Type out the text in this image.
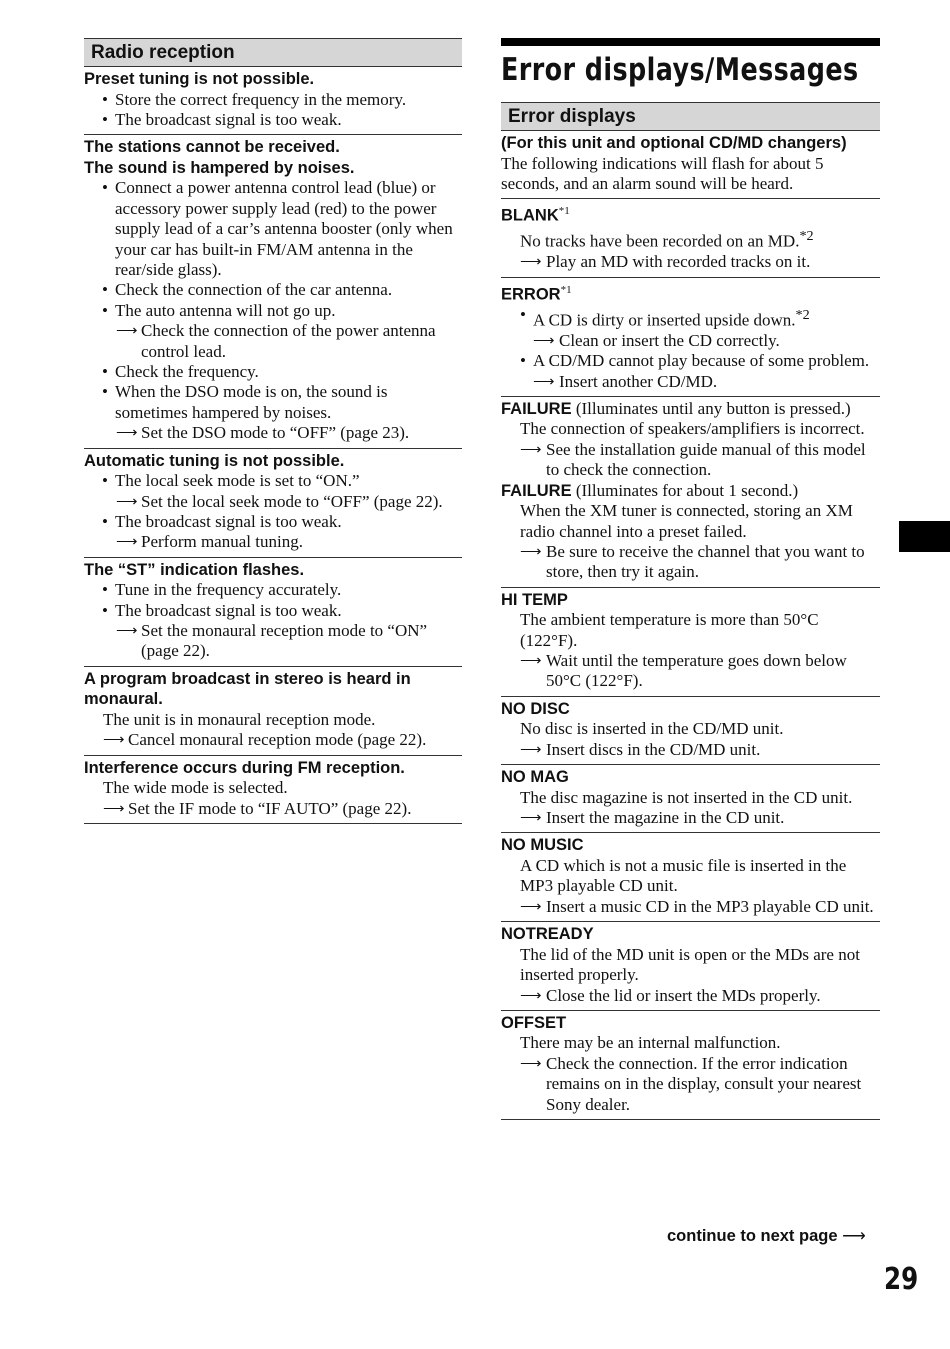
Radio reception
Preset tuning is not possible.
• Store the correct frequency in the memory.
• The broadcast signal is too weak.
The stations cannot be received.
The sound is hampered by noises.
• Connect a power antenna control lead (blue) or accessory power supply lead (red) to the power supply lead of a car’s antenna booster (only when your car has built-in FM/AM antenna in the rear/side glass).
• Check the connection of the car antenna.
• The auto antenna will not go up.
⟶ Check the connection of the power antenna control lead.
• Check the frequency.
• When the DSO mode is on, the sound is sometimes hampered by noises.
⟶ Set the DSO mode to “OFF” (page 23).
Automatic tuning is not possible.
• The local seek mode is set to “ON.”
⟶ Set the local seek mode to “OFF” (page 22).
• The broadcast signal is too weak.
⟶ Perform manual tuning.
The “ST” indication flashes.
• Tune in the frequency accurately.
• The broadcast signal is too weak.
⟶ Set the monaural reception mode to “ON” (page 22).
A program broadcast in stereo is heard in monaural.
The unit is in monaural reception mode.
⟶ Cancel monaural reception mode (page 22).
Interference occurs during FM reception.
The wide mode is selected.
⟶ Set the IF mode to “IF AUTO” (page 22).
Error displays/Messages
Error displays
(For this unit and optional CD/MD changers)
The following indications will flash for about 5 seconds, and an alarm sound will be heard.
BLANK$^{*1}$
No tracks have been recorded on an MD.$^{*2}$
⟶ Play an MD with recorded tracks on it.
ERROR$^{*1}$
• A CD is dirty or inserted upside down.$^{*2}$
⟶ Clean or insert the CD correctly.
• A CD/MD cannot play because of some problem.
⟶ Insert another CD/MD.
FAILURE (Illuminates until any button is pressed.)
The connection of speakers/amplifiers is incorrect.
⟶ See the installation guide manual of this model to check the connection.
FAILURE (Illuminates for about 1 second.)
When the XM tuner is connected, storing an XM radio channel into a preset failed.
⟶ Be sure to receive the channel that you want to store, then try it again.
HI TEMP
The ambient temperature is more than 50°C (122°F).
⟶ Wait until the temperature goes down below 50°C (122°F).
NO DISC
No disc is inserted in the CD/MD unit.
⟶ Insert discs in the CD/MD unit.
NO MAG
The disc magazine is not inserted in the CD unit.
⟶ Insert the magazine in the CD unit.
NO MUSIC
A CD which is not a music file is inserted in the MP3 playable CD unit.
⟶ Insert a music CD in the MP3 playable CD unit.
NOTREADY
The lid of the MD unit is open or the MDs are not inserted properly.
⟶ Close the lid or insert the MDs properly.
OFFSET
There may be an internal malfunction.
⟶ Check the connection. If the error indication remains on in the display, consult your nearest Sony dealer.
continue to next page ⟶
29
